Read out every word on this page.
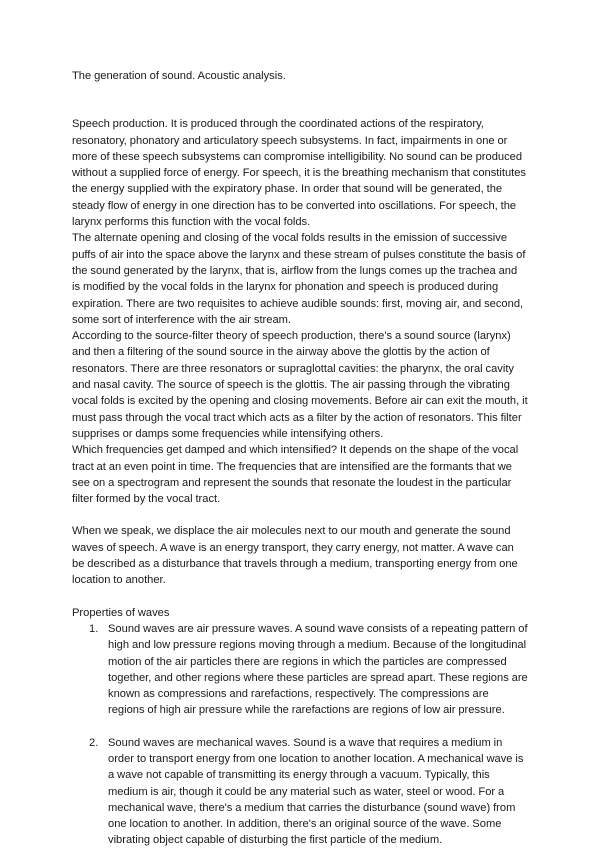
The generation of sound. Acoustic analysis.

Speech production. It is produced through the coordinated actions of the respiratory, resonatory, phonatory and articulatory speech subsystems. In fact, impairments in one or more of these speech subsystems can compromise intelligibility. No sound can be produced without a supplied force of energy. For speech, it is the breathing mechanism that constitutes the energy supplied with the expiratory phase. In order that sound will be generated, the steady flow of energy in one direction has to be converted into oscillations. For speech, the larynx performs this function with the vocal folds.

The alternate opening and closing of the vocal folds results in the emission of successive puffs of air into the space above the larynx and these stream of pulses constitute the basis of the sound generated by the larynx, that is, airflow from the lungs comes up the trachea and is modified by the vocal folds in the larynx for phonation and speech is produced during expiration. There are two requisites to achieve audible sounds: first, moving air, and second, some sort of interference with the air stream.

According to the source-filter theory of speech production, there's a sound source (larynx) and then a filtering of the sound source in the airway above the glottis by the action of resonators. There are three resonators or supraglottal cavities: the pharynx, the oral cavity and nasal cavity. The source of speech is the glottis. The air passing through the vibrating vocal folds is excited by the opening and closing movements. Before air can exit the mouth, it must pass through the vocal tract which acts as a filter by the action of resonators. This filter supprises or damps some frequencies while intensifying others.

Which frequencies get damped and which intensified? It depends on the shape of the vocal tract at an even point in time. The frequencies that are intensified are the formants that we see on a spectrogram and represent the sounds that resonate the loudest in the particular filter formed by the vocal tract.

When we speak, we displace the air molecules next to our mouth and generate the sound waves of speech. A wave is an energy transport, they carry energy, not matter. A wave can be described as a disturbance that travels through a medium, transporting energy from one location to another.

Properties of waves

1. Sound waves are air pressure waves. A sound wave consists of a repeating pattern of high and low pressure regions moving through a medium. Because of the longitudinal motion of the air particles there are regions in which the particles are compressed together, and other regions where these particles are spread apart. These regions are known as compressions and rarefactions, respectively. The compressions are regions of high air pressure while the rarefactions are regions of low air pressure.
2. Sound waves are mechanical waves. Sound is a wave that requires a medium in order to transport energy from one location to another location. A mechanical wave is a wave not capable of transmitting its energy through a vacuum. Typically, this medium is air, though it could be any material such as water, steel or wood. For a mechanical wave, there's a medium that carries the disturbance (sound wave) from one location to another. In addition, there's an original source of the wave. Some vibrating object capable of disturbing the first particle of the medium.
